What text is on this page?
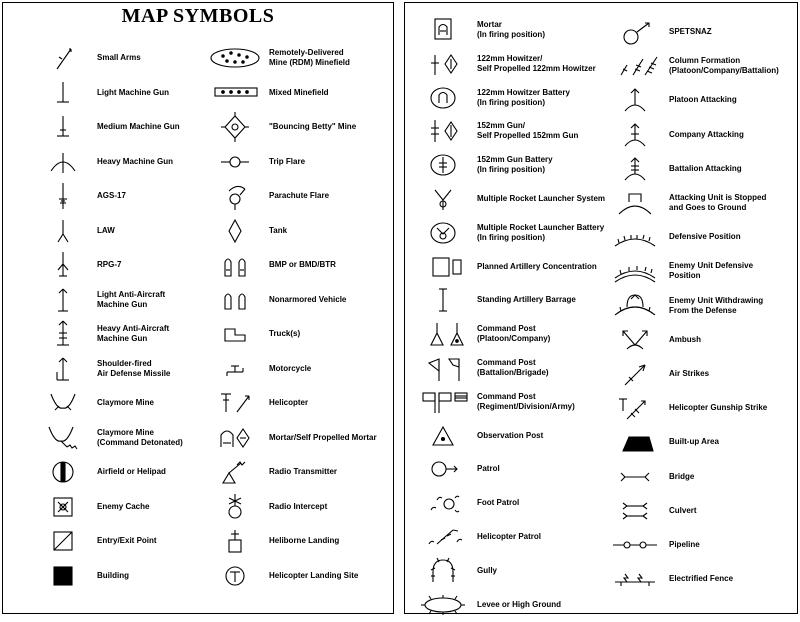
MAP SYMBOLS
Small Arms
Light Machine Gun
Medium Machine Gun
Heavy Machine Gun
AGS-17
LAW
RPG-7
Light Anti-Aircraft
Machine Gun
Heavy Anti-Aircraft
Machine Gun
Shoulder-fired
Air Defense Missile
Claymore Mine
Claymore Mine
(Command Detonated)
Airfield or Helipad
Enemy Cache
Entry/Exit Point
Building
Remotely-Delivered
Mine (RDM) Minefield
Mixed Minefield
"Bouncing Betty" Mine
Trip Flare
Parachute Flare
Tank
BMP or BMD/BTR
Nonarmored Vehicle
Truck(s)
Motorcycle
Helicopter
Mortar/Self Propelled Mortar
Radio Transmitter
Radio Intercept
Heliborne Landing
Helicopter Landing Site
Mortar
(In firing position)
122mm Howitzer/
Self Propelled 122mm Howitzer
122mm Howitzer Battery
(In firing position)
152mm Gun/
Self Propelled 152mm Gun
152mm Gun Battery
(In firing position)
Multiple Rocket Launcher System
Multiple Rocket Launcher Battery
(In firing position)
Planned Artillery Concentration
Standing Artillery Barrage
Command Post
(Platoon/Company)
Command Post
(Battalion/Brigade)
Command Post
(Regiment/Division/Army)
Observation Post
Patrol
Foot Patrol
Helicopter Patrol
Gully
Levee or High Ground
SPETSNAZ
Column Formation
(Platoon/Company/Battalion)
Platoon Attacking
Company Attacking
Battalion Attacking
Attacking Unit is Stopped
and Goes to Ground
Defensive Position
Enemy Unit Defensive
Position
Enemy Unit Withdrawing
From the Defense
Ambush
Air Strikes
Helicopter Gunship Strike
Built-up Area
Bridge
Culvert
Pipeline
Electrified Fence
